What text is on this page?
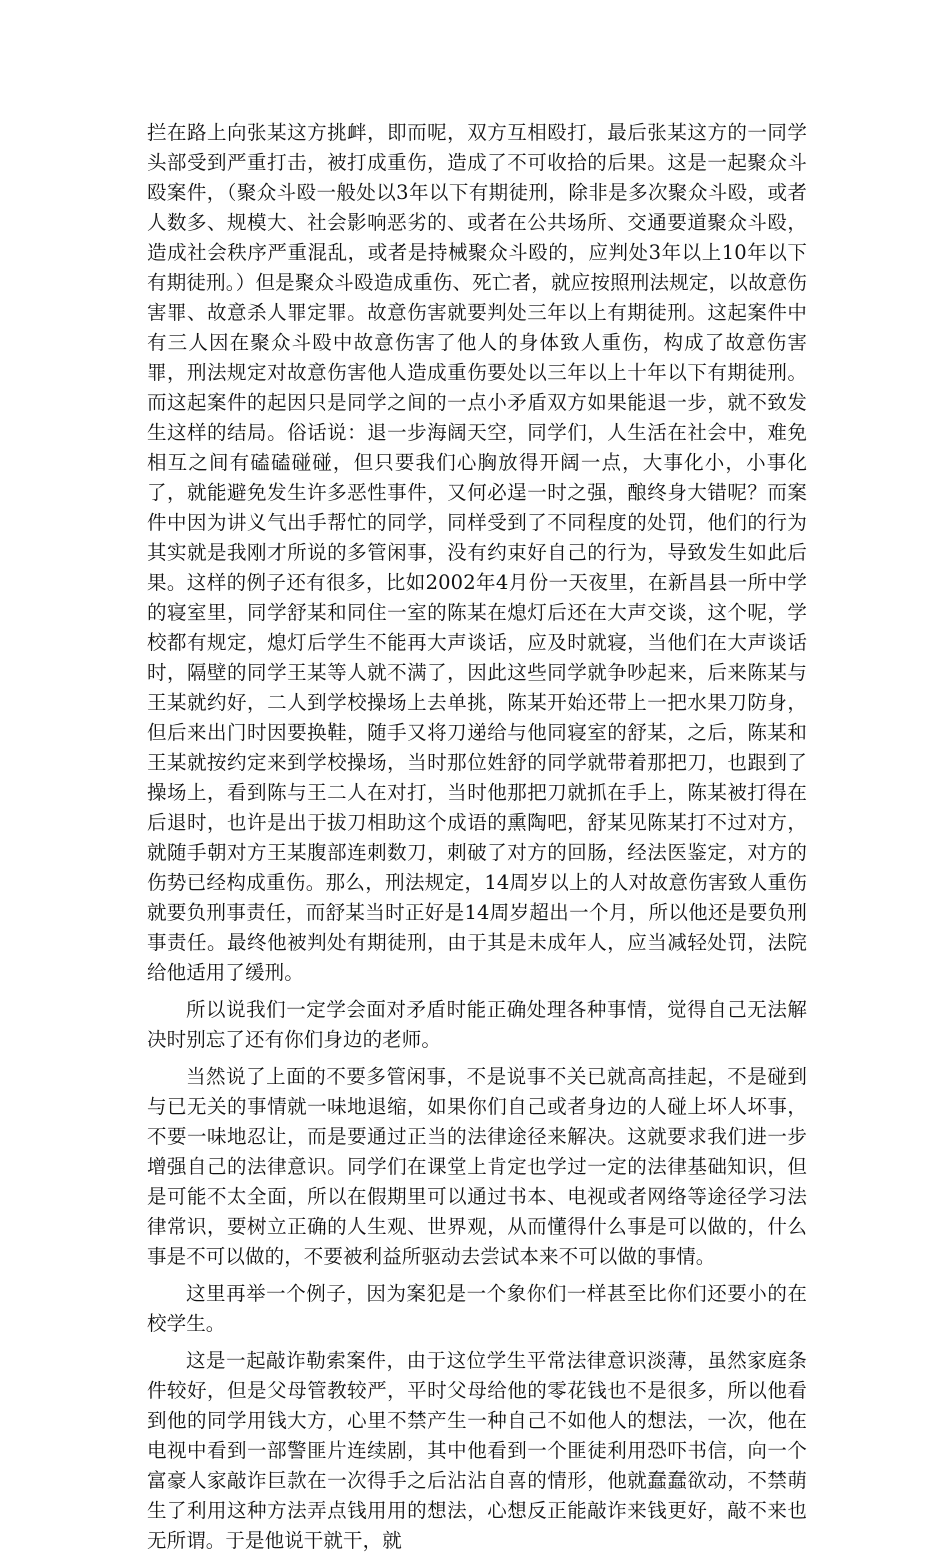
拦在路上向张某这方挑衅，即而呢，双方互相殴打，最后张某这方的一同学头部受到严重打击，被打成重伤，造成了不可收拾的后果。这是一起聚众斗殴案件，（聚众斗殴一般处以3年以下有期徒刑，除非是多次聚众斗殴，或者人数多、规模大、社会影响恶劣的、或者在公共场所、交通要道聚众斗殴，造成社会秩序严重混乱，或者是持械聚众斗殴的，应判处3年以上10年以下有期徒刑。）但是聚众斗殴造成重伤、死亡者，就应按照刑法规定，以故意伤害罪、故意杀人罪定罪。故意伤害就要判处三年以上有期徒刑。这起案件中有三人因在聚众斗殴中故意伤害了他人的身体致人重伤，构成了故意伤害罪，刑法规定对故意伤害他人造成重伤要处以三年以上十年以下有期徒刑。而这起案件的起因只是同学之间的一点小矛盾双方如果能退一步，就不致发生这样的结局。俗话说：退一步海阔天空，同学们，人生活在社会中，难免相互之间有磕磕碰碰，但只要我们心胸放得开阔一点，大事化小，小事化了，就能避免发生许多恶性事件，又何必逞一时之强，酿终身大错呢？而案件中因为讲义气出手帮忙的同学，同样受到了不同程度的处罚，他们的行为其实就是我刚才所说的多管闲事，没有约束好自己的行为，导致发生如此后果。这样的例子还有很多，比如2002年4月份一天夜里，在新昌县一所中学的寝室里，同学舒某和同住一室的陈某在熄灯后还在大声交谈，这个呢，学校都有规定，熄灯后学生不能再大声谈话，应及时就寝，当他们在大声谈话时，隔壁的同学王某等人就不满了，因此这些同学就争吵起来，后来陈某与王某就约好，二人到学校操场上去单挑，陈某开始还带上一把水果刀防身，但后来出门时因要换鞋，随手又将刀递给与他同寝室的舒某，之后，陈某和王某就按约定来到学校操场，当时那位姓舒的同学就带着那把刀，也跟到了操场上，看到陈与王二人在对打，当时他那把刀就抓在手上，陈某被打得在后退时，也许是出于拔刀相助这个成语的熏陶吧，舒某见陈某打不过对方，就随手朝对方王某腹部连刺数刀，刺破了对方的回肠，经法医鉴定，对方的伤势已经构成重伤。那么，刑法规定，14周岁以上的人对故意伤害致人重伤就要负刑事责任，而舒某当时正好是14周岁超出一个月，所以他还是要负刑事责任。最终他被判处有期徒刑，由于其是未成年人，应当减轻处罚，法院给他适用了缓刑。

所以说我们一定学会面对矛盾时能正确处理各种事情，觉得自己无法解决时别忘了还有你们身边的老师。

当然说了上面的不要多管闲事，不是说事不关已就高高挂起，不是碰到与已无关的事情就一味地退缩，如果你们自己或者身边的人碰上坏人坏事，不要一味地忍让，而是要通过正当的法律途径来解决。这就要求我们进一步增强自己的法律意识。同学们在课堂上肯定也学过一定的法律基础知识，但是可能不太全面，所以在假期里可以通过书本、电视或者网络等途径学习法律常识，要树立正确的人生观、世界观，从而懂得什么事是可以做的，什么事是不可以做的，不要被利益所驱动去尝试本来不可以做的事情。

这里再举一个例子，因为案犯是一个象你们一样甚至比你们还要小的在校学生。

这是一起敲诈勒索案件，由于这位学生平常法律意识淡薄，虽然家庭条件较好，但是父母管教较严，平时父母给他的零花钱也不是很多，所以他看到他的同学用钱大方，心里不禁产生一种自己不如他人的想法，一次，他在电视中看到一部警匪片连续剧，其中他看到一个匪徒利用恐吓书信，向一个富豪人家敲诈巨款在一次得手之后沾沾自喜的情形，他就蠢蠢欲动，不禁萌生了利用这种方法弄点钱用用的想法，心想反正能敲诈来钱更好，敲不来也无所谓。于是他说干就干，就
